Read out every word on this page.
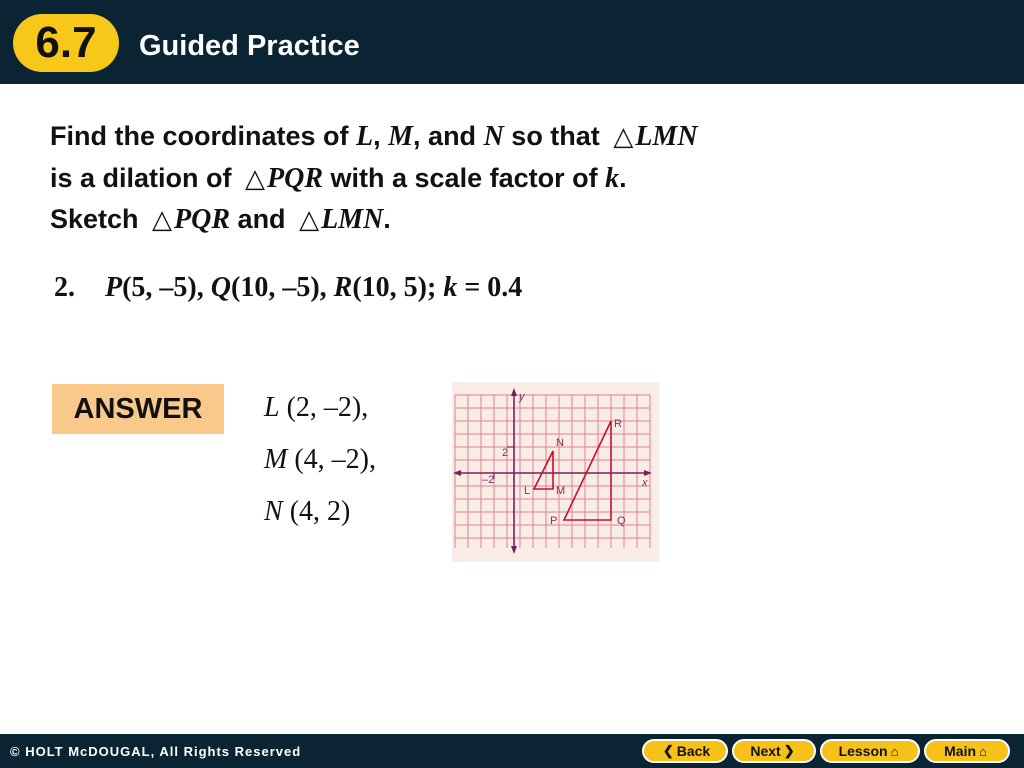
6.7	Guided Practice
Find the coordinates of L, M, and N so that △LMN
is a dilation of △PQR with a scale factor of k.
Sketch △PQR and △LMN.
2. P(5, –5), Q(10, –5), R(10, 5); k = 0.4
ANSWER	L (2, –2),
M (4, –2),
N (4, 2)
y
x
2
–2
N
L M
R
P	Q
© HOLT McDOUGAL, All Rights Reserved	❮ Back	Next ❯	Lesson ⌂	Main ⌂
